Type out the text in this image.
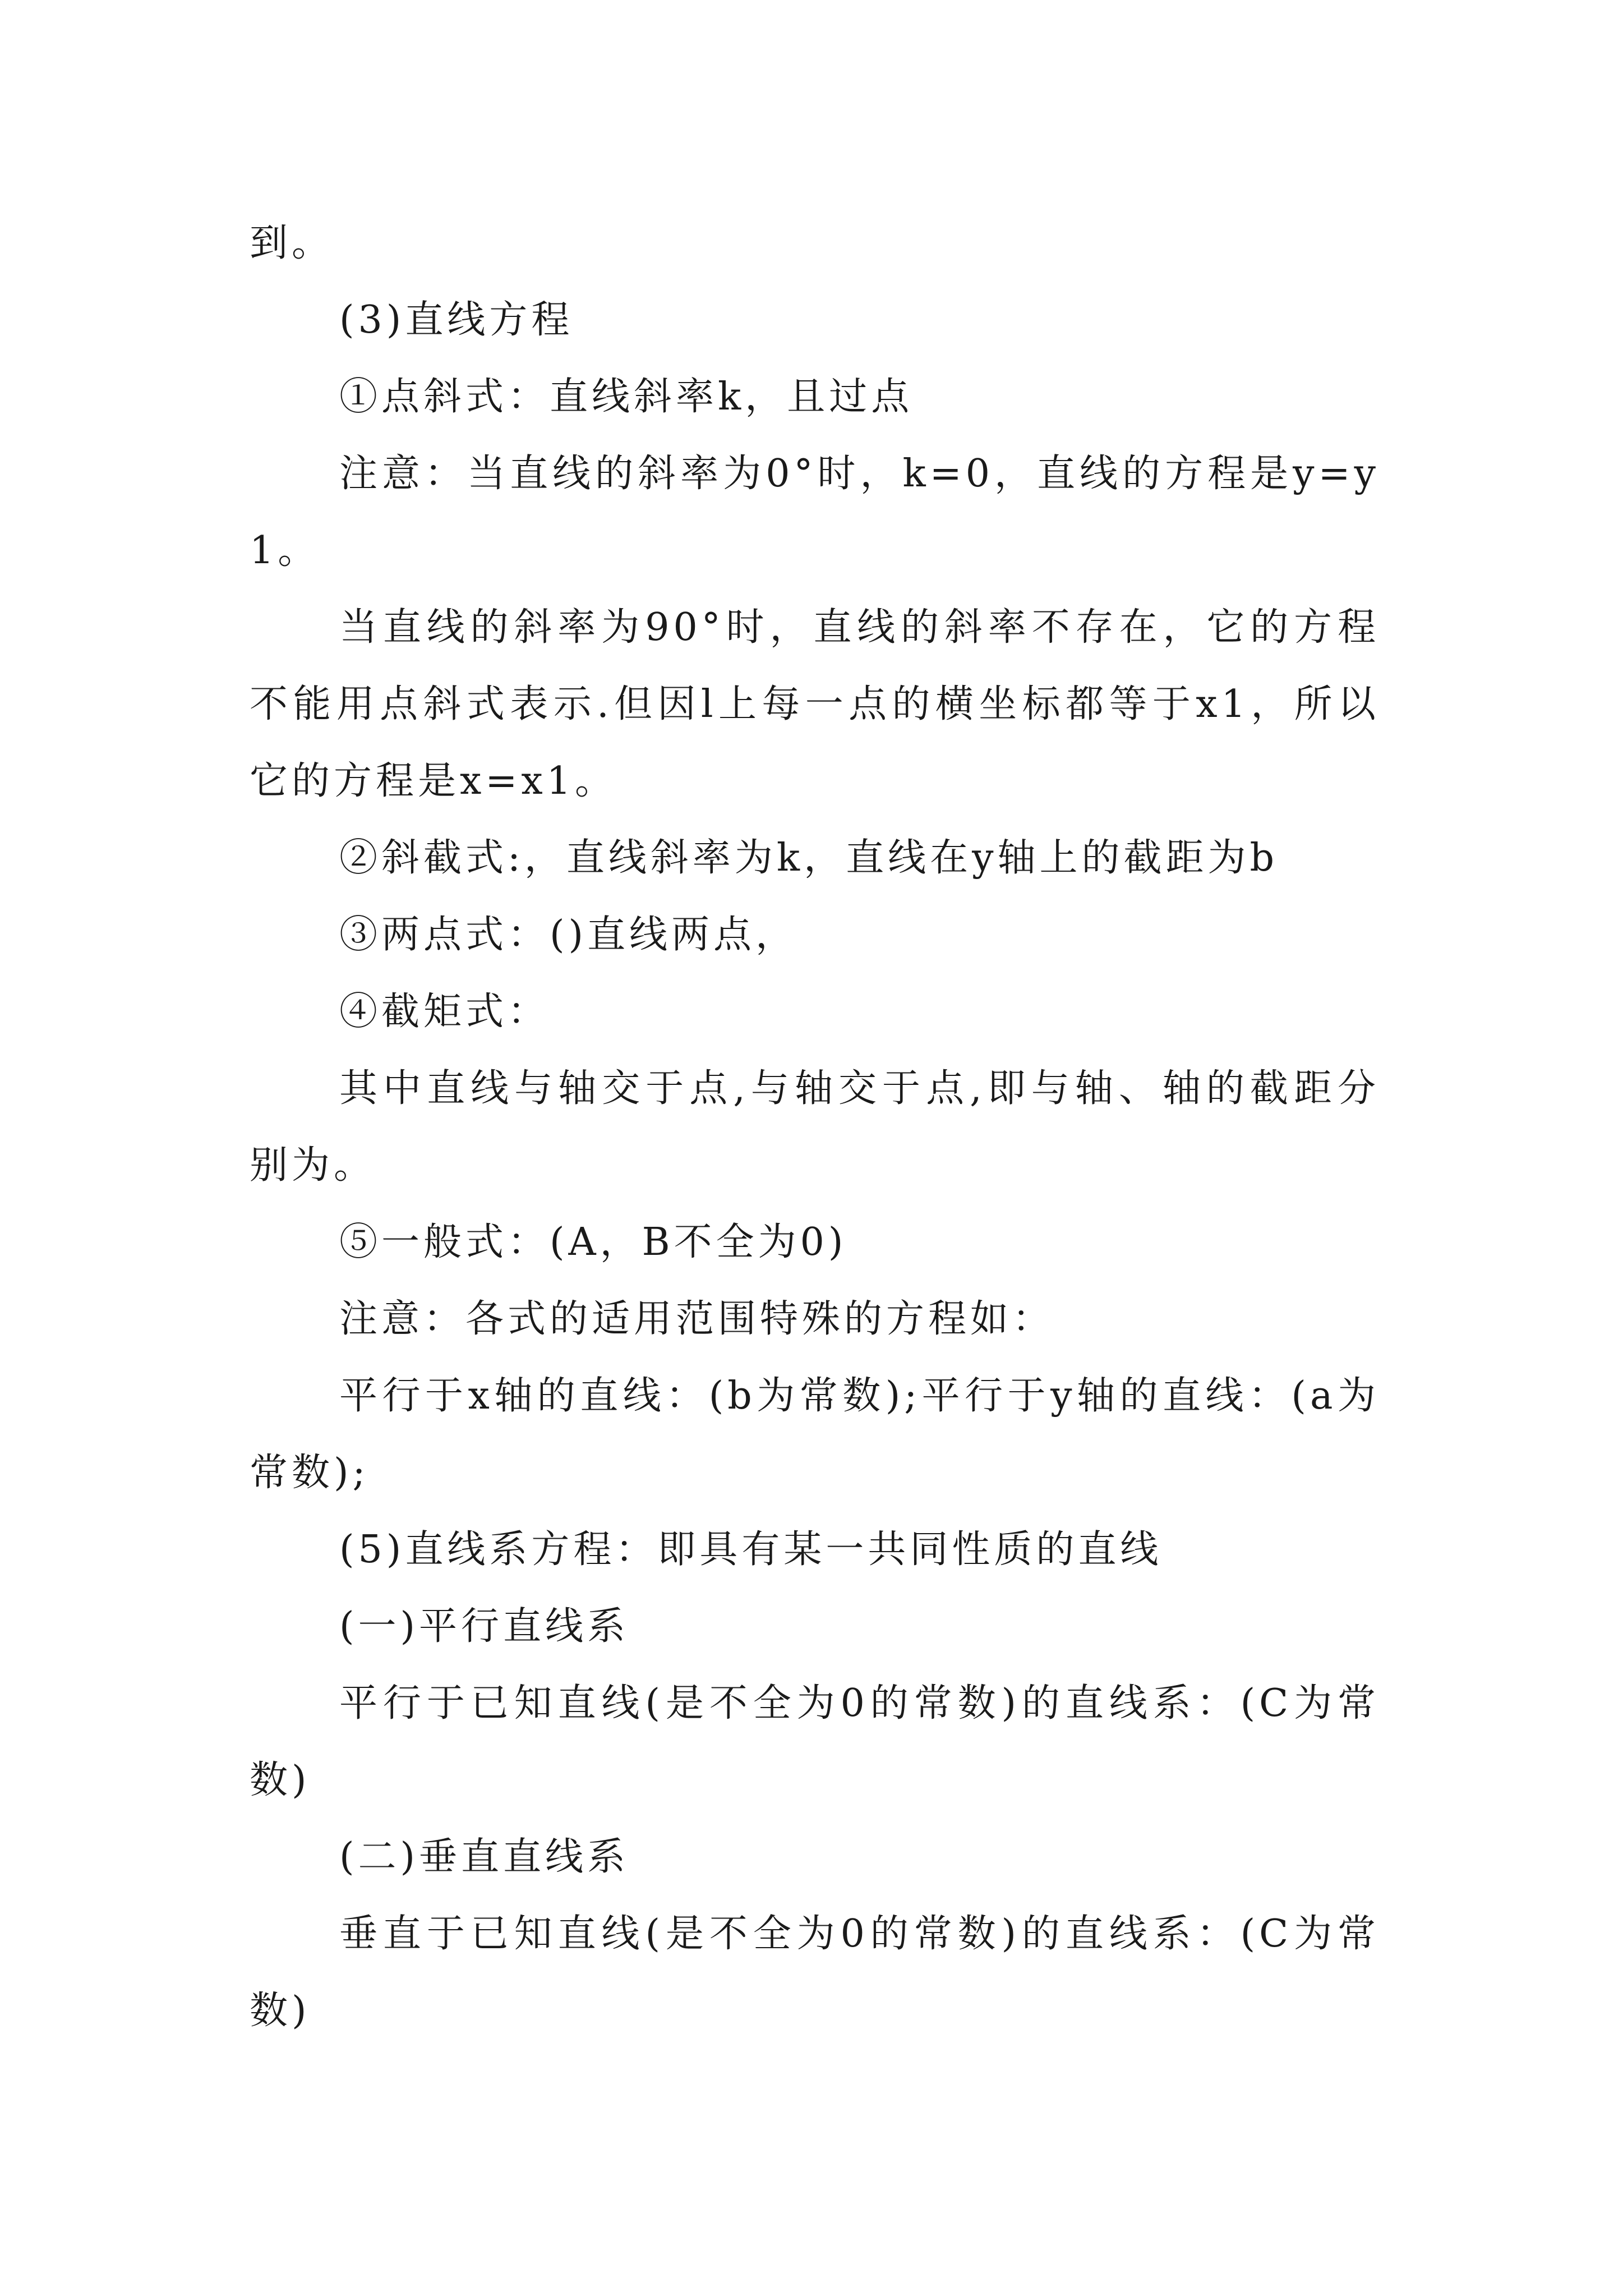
到。

(3)直线方程

①点斜式：直线斜率k，且过点

注意：当直线的斜率为0°时，k=0，直线的方程是y=y1。

当直线的斜率为90°时，直线的斜率不存在，它的方程不能用点斜式表示.但因l上每一点的横坐标都等于x1，所以它的方程是x=x1。

②斜截式:，直线斜率为k，直线在y轴上的截距为b

③两点式：()直线两点，

④截矩式：

其中直线与轴交于点,与轴交于点,即与轴、轴的截距分别为。

⑤一般式：(A，B不全为0)

注意：各式的适用范围特殊的方程如：

平行于x轴的直线：(b为常数);平行于y轴的直线：(a为常数);

(5)直线系方程：即具有某一共同性质的直线

(一)平行直线系

平行于已知直线(是不全为0的常数)的直线系：(C为常数)

(二)垂直直线系

垂直于已知直线(是不全为0的常数)的直线系：(C为常数)
